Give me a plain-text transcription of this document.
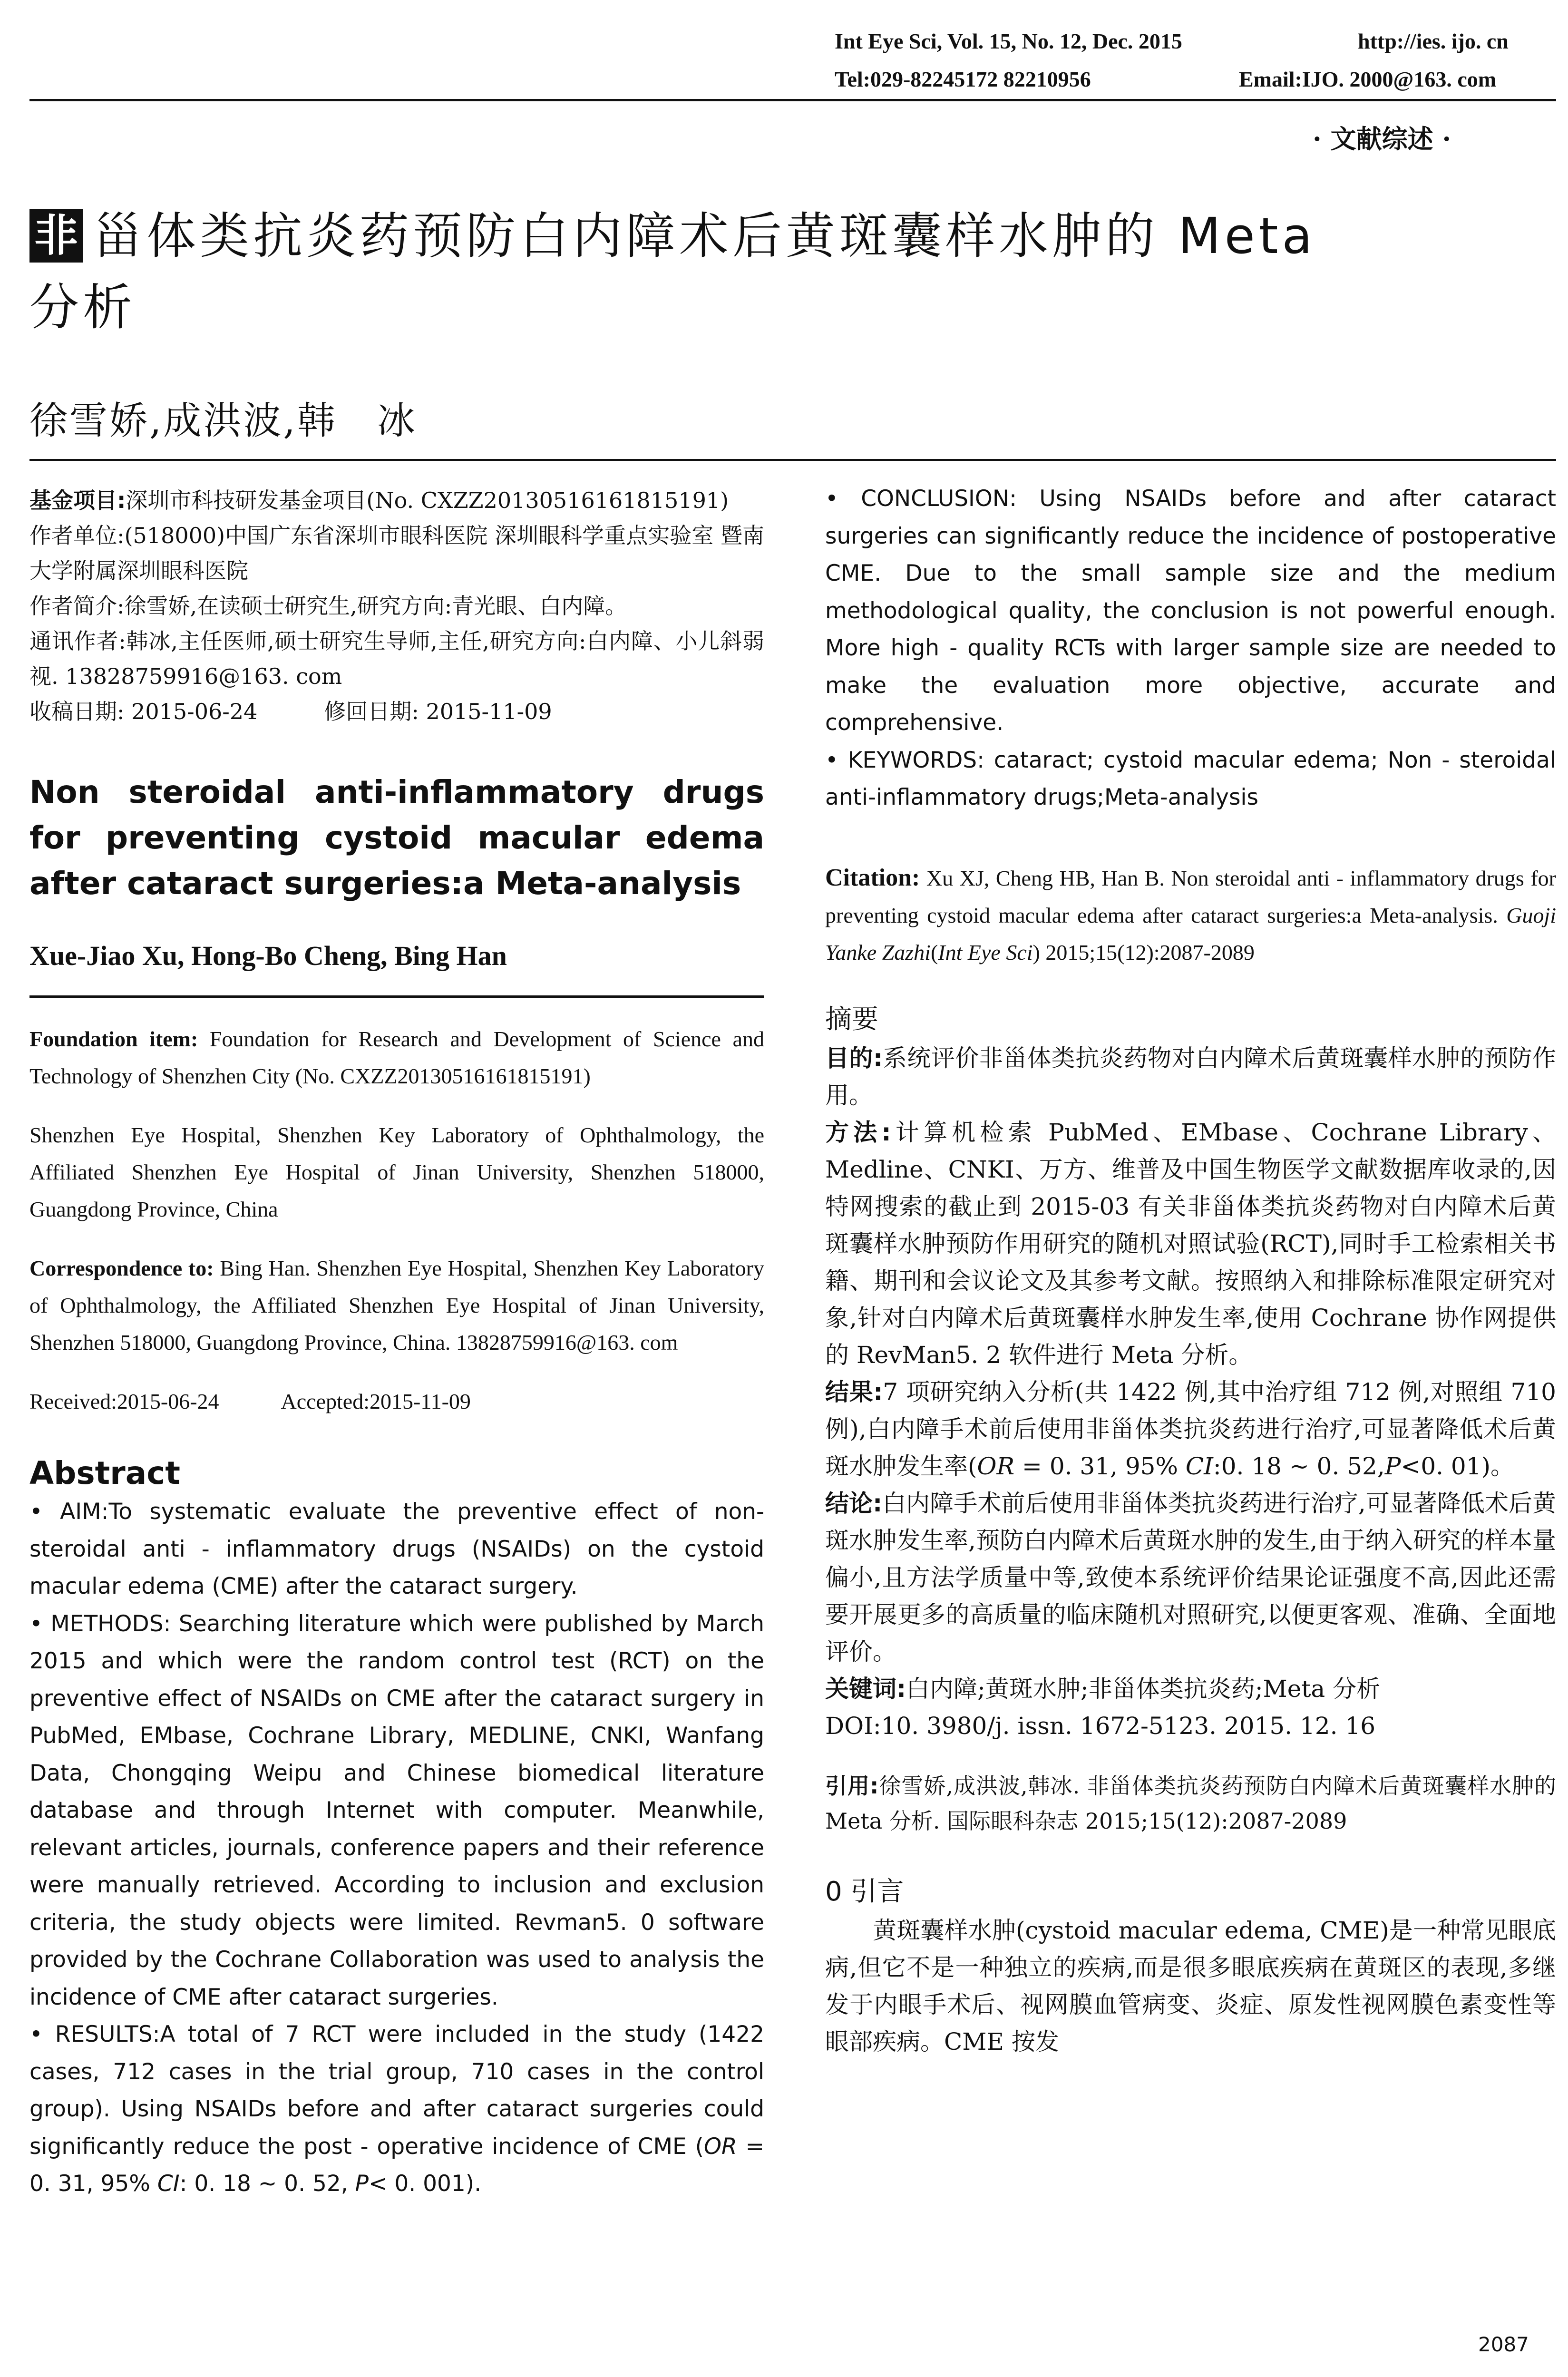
Int Eye Sci, Vol. 15, No. 12, Dec. 2015	http://ies. ijo. cn
Tel:029-82245172 82210956	Email:IJO. 2000@163. com
· 文献综述 ·
非 甾体类抗炎药预防白内障术后黄斑囊样水肿的 Meta
分析
徐雪娇,成洪波,韩　冰

基金项目:深圳市科技研发基金项目(No. CXZZ20130516161815191)

作者单位:(518000)中国广东省深圳市眼科医院 深圳眼科学重点实验室 暨南大学附属深圳眼科医院

作者简介:徐雪娇,在读硕士研究生,研究方向:青光眼、白内障。

通讯作者:韩冰,主任医师,硕士研究生导师,主任,研究方向:白内障、小儿斜弱视. 13828759916@163. com

收稿日期: 2015-06-24	修回日期: 2015-11-09

Non steroidal anti-inflammatory drugs for preventing cystoid macular edema after cataract surgeries:a Meta-analysis
Xue-Jiao Xu, Hong-Bo Cheng, Bing Han

Foundation item: Foundation for Research and Development of Science and Technology of Shenzhen City (No. CXZZ20130516161815191)

Shenzhen Eye Hospital, Shenzhen Key Laboratory of Ophthalmology, the Affiliated Shenzhen Eye Hospital of Jinan University, Shenzhen 518000, Guangdong Province, China

Correspondence to: Bing Han. Shenzhen Eye Hospital, Shenzhen Key Laboratory of Ophthalmology, the Affiliated Shenzhen Eye Hospital of Jinan University, Shenzhen 518000, Guangdong Province, China. 13828759916@163. com

Received:2015-06-24	Accepted:2015-11-09

Abstract

• AIM:To systematic evaluate the preventive effect of non-steroidal anti - inflammatory drugs (NSAIDs) on the cystoid macular edema (CME) after the cataract surgery.

• METHODS: Searching literature which were published by March 2015 and which were the random control test (RCT) on the preventive effect of NSAIDs on CME after the cataract surgery in PubMed, EMbase, Cochrane Library, MEDLINE, CNKI, Wanfang Data, Chongqing Weipu and Chinese biomedical literature database and through Internet with computer. Meanwhile, relevant articles, journals, conference papers and their reference were manually retrieved. According to inclusion and exclusion criteria, the study objects were limited. Revman5. 0 software provided by the Cochrane Collaboration was used to analysis the incidence of CME after cataract surgeries.

• RESULTS:A total of 7 RCT were included in the study (1422 cases, 712 cases in the trial group, 710 cases in the control group). Using NSAIDs before and after cataract surgeries could significantly reduce the post - operative incidence of CME (OR = 0. 31, 95% CI: 0. 18 ~ 0. 52, P< 0. 001).

• CONCLUSION: Using NSAIDs before and after cataract surgeries can significantly reduce the incidence of postoperative CME. Due to the small sample size and the medium methodological quality, the conclusion is not powerful enough. More high - quality RCTs with larger sample size are needed to make the evaluation more objective, accurate and comprehensive.

• KEYWORDS: cataract; cystoid macular edema; Non - steroidal anti-inflammatory drugs;Meta-analysis

Citation: Xu XJ, Cheng HB, Han B. Non steroidal anti - inflammatory drugs for preventing cystoid macular edema after cataract surgeries:a Meta-analysis. Guoji Yanke Zazhi(Int Eye Sci) 2015;15(12):2087-2089

摘要

目的:系统评价非甾体类抗炎药物对白内障术后黄斑囊样水肿的预防作用。

方法:计算机检索 PubMed、EMbase、Cochrane Library、Medline、CNKI、万方、维普及中国生物医学文献数据库收录的,因特网搜索的截止到 2015-03 有关非甾体类抗炎药物对白内障术后黄斑囊样水肿预防作用研究的随机对照试验(RCT),同时手工检索相关书籍、期刊和会议论文及其参考文献。按照纳入和排除标准限定研究对象,针对白内障术后黄斑囊样水肿发生率,使用 Cochrane 协作网提供的 RevMan5. 2 软件进行 Meta 分析。

结果:7 项研究纳入分析(共 1422 例,其中治疗组 712 例,对照组 710 例),白内障手术前后使用非甾体类抗炎药进行治疗,可显著降低术后黄斑水肿发生率(OR = 0. 31, 95% CI:0. 18 ~ 0. 52,P<0. 01)。

结论:白内障手术前后使用非甾体类抗炎药进行治疗,可显著降低术后黄斑水肿发生率,预防白内障术后黄斑水肿的发生,由于纳入研究的样本量偏小,且方法学质量中等,致使本系统评价结果论证强度不高,因此还需要开展更多的高质量的临床随机对照研究,以便更客观、准确、全面地评价。

关键词:白内障;黄斑水肿;非甾体类抗炎药;Meta 分析

DOI:10. 3980/j. issn. 1672-5123. 2015. 12. 16

引用:徐雪娇,成洪波,韩冰. 非甾体类抗炎药预防白内障术后黄斑囊样水肿的 Meta 分析. 国际眼科杂志 2015;15(12):2087-2089

0 引言

黄斑囊样水肿(cystoid macular edema, CME)是一种常见眼底病,但它不是一种独立的疾病,而是很多眼底疾病在黄斑区的表现,多继发于内眼手术后、视网膜血管病变、炎症、原发性视网膜色素变性等眼部疾病。CME 按发

2087
